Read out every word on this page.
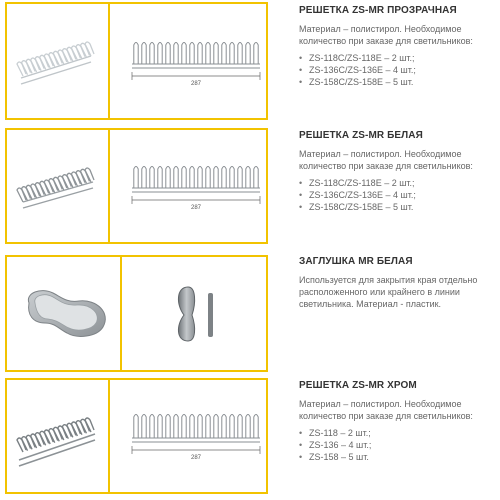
287
РЕШЕТКА ZS-MR ПРОЗРАЧНАЯ
Материал – полистирол. Необходимое количество при заказе для светильников:
• ZS-118C/ZS-118E – 2 шт.;
• ZS-136C/ZS-136E – 4 шт.;
• ZS-158C/ZS-158E – 5 шт.
287
РЕШЕТКА ZS-MR БЕЛАЯ
Материал – полистирол. Необходимое количество при заказе для светильников:
• ZS-118C/ZS-118E – 2 шт.;
• ZS-136C/ZS-136E – 4 шт.;
• ZS-158C/ZS-158E – 5 шт.
ЗАГЛУШКА MR БЕЛАЯ
Используется для закрытия края отдельно расположенного или крайнего в линии светильника. Материал - пластик.
287
РЕШЕТКА ZS-MR ХРОМ
Материал – полистирол. Необходимое количество при заказе для светильников:
• ZS-118 – 2 шт.;
• ZS-136 – 4 шт.;
• ZS-158 – 5 шт.
